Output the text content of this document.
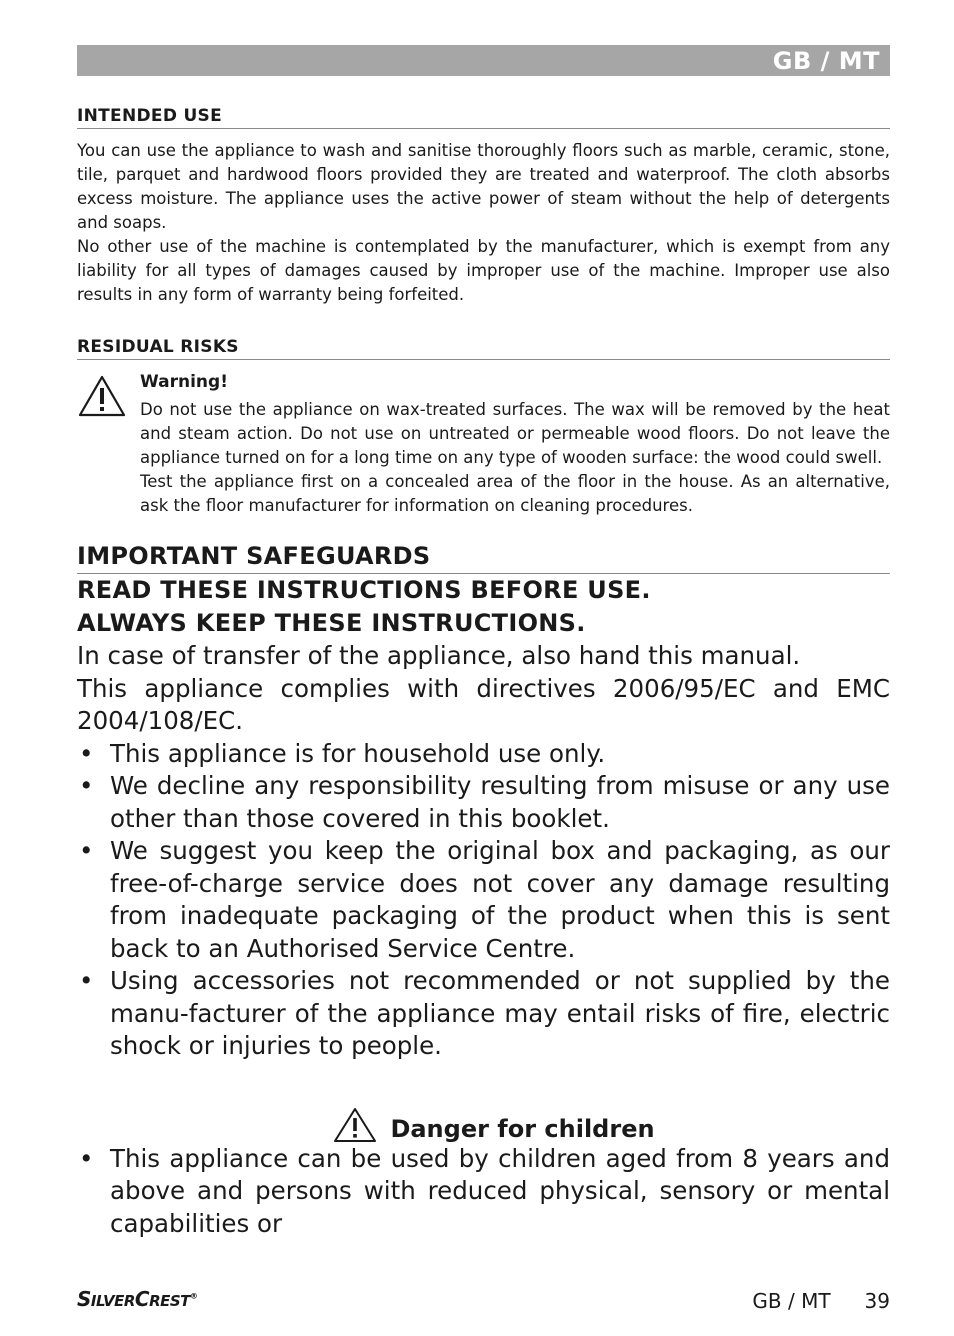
GB / MT
INTENDED USE

You can use the appliance to wash and sanitise thoroughly floors such as marble, ceramic, stone, tile, parquet and hardwood floors provided they are treated and waterproof. The cloth absorbs excess moisture. The appliance uses the active power of steam without the help of detergents and soaps.

No other use of the machine is contemplated by the manufacturer, which is exempt from any liability for all types of damages caused by improper use of the machine. Improper use also results in any form of warranty being forfeited.

RESIDUAL RISKS

Warning!

Do not use the appliance on wax-treated surfaces. The wax will be removed by the heat and steam action. Do not use on untreated or permeable wood floors. Do not leave the appliance turned on for a long time on any type of wooden surface: the wood could swell.

Test the appliance first on a concealed area of the floor in the house. As an alternative, ask the floor manufacturer for information on cleaning procedures.

IMPORTANT SAFEGUARDS
READ THESE INSTRUCTIONS BEFORE USE.
ALWAYS KEEP THESE INSTRUCTIONS.

In case of transfer of the appliance, also hand this manual.

This appliance complies with directives 2006/95/EC and EMC 2004/108/EC.

• This appliance is for household use only.
• We decline any responsibility resulting from misuse or any use other than those covered in this booklet.
• We suggest you keep the original box and packaging, as our free-of-charge service does not cover any damage resulting from inadequate packaging of the product when this is sent back to an Authorised Service Centre.
• Using accessories not recommended or not supplied by the manu-facturer of the appliance may entail risks of fire, electric shock or injuries to people.
Danger for children
• This appliance can be used by children aged from 8 years and above and persons with reduced physical, sensory or mental capabilities or
SILVERCREST®	GB / MT 39
